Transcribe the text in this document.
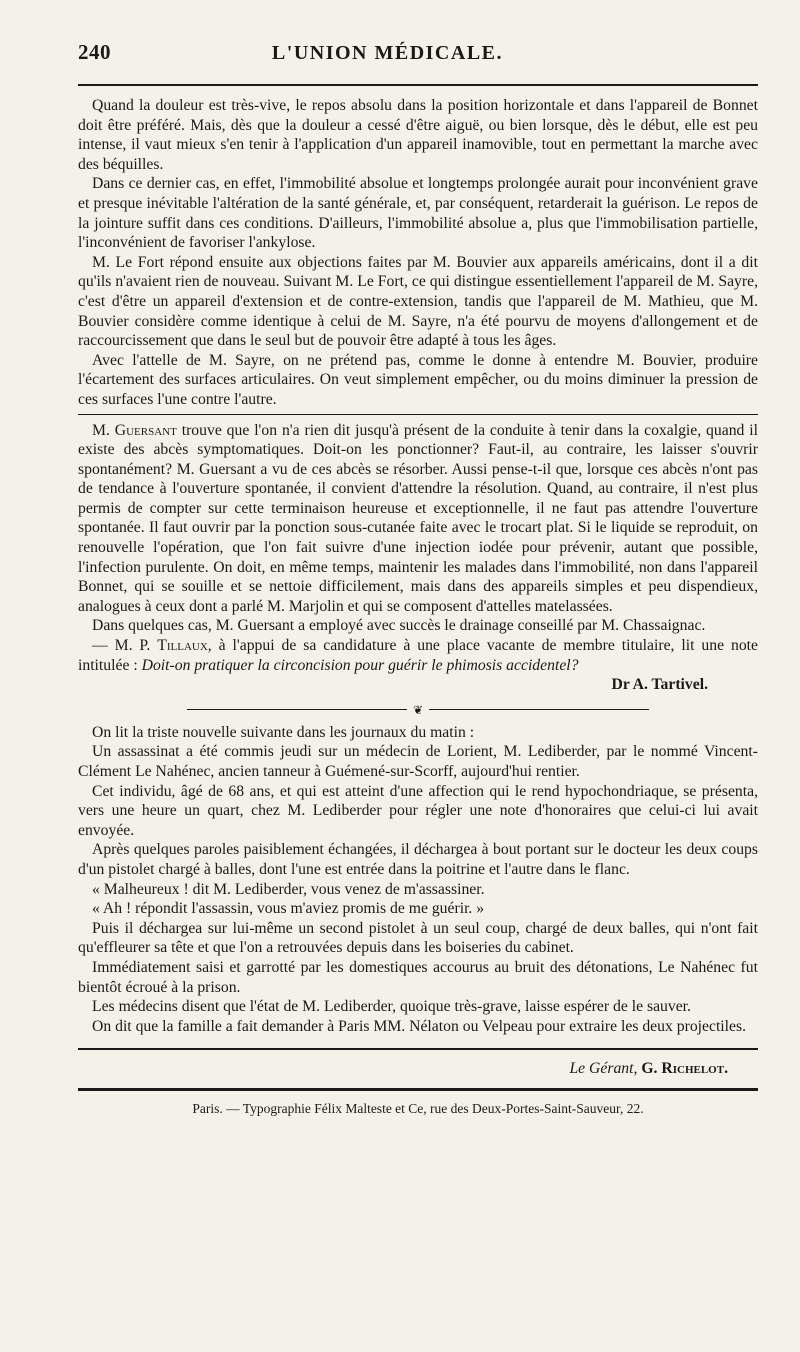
240	L'UNION MÉDICALE.

Quand la douleur est très-vive, le repos absolu dans la position horizontale et dans l'appareil de Bonnet doit être préféré. Mais, dès que la douleur a cessé d'être aiguë, ou bien lorsque, dès le début, elle est peu intense, il vaut mieux s'en tenir à l'application d'un appareil inamovible, tout en permettant la marche avec des béquilles.

Dans ce dernier cas, en effet, l'immobilité absolue et longtemps prolongée aurait pour inconvénient grave et presque inévitable l'altération de la santé générale, et, par conséquent, retarderait la guérison. Le repos de la jointure suffit dans ces conditions. D'ailleurs, l'immobilité absolue a, plus que l'immobilisation partielle, l'inconvénient de favoriser l'ankylose.

M. Le Fort répond ensuite aux objections faites par M. Bouvier aux appareils américains, dont il a dit qu'ils n'avaient rien de nouveau. Suivant M. Le Fort, ce qui distingue essentiellement l'appareil de M. Sayre, c'est d'être un appareil d'extension et de contre-extension, tandis que l'appareil de M. Mathieu, que M. Bouvier considère comme identique à celui de M. Sayre, n'a été pourvu de moyens d'allongement et de raccourcissement que dans le seul but de pouvoir être adapté à tous les âges.

Avec l'attelle de M. Sayre, on ne prétend pas, comme le donne à entendre M. Bouvier, produire l'écartement des surfaces articulaires. On veut simplement empêcher, ou du moins diminuer la pression de ces surfaces l'une contre l'autre.

M. Guersant trouve que l'on n'a rien dit jusqu'à présent de la conduite à tenir dans la coxalgie, quand il existe des abcès symptomatiques. Doit-on les ponctionner? Faut-il, au contraire, les laisser s'ouvrir spontanément? M. Guersant a vu de ces abcès se résorber. Aussi pense-t-il que, lorsque ces abcès n'ont pas de tendance à l'ouverture spontanée, il convient d'attendre la résolution. Quand, au contraire, il n'est plus permis de compter sur cette terminaison heureuse et exceptionnelle, il ne faut pas attendre l'ouverture spontanée. Il faut ouvrir par la ponction sous-cutanée faite avec le trocart plat. Si le liquide se reproduit, on renouvelle l'opération, que l'on fait suivre d'une injection iodée pour prévenir, autant que possible, l'infection purulente. On doit, en même temps, maintenir les malades dans l'immobilité, non dans l'appareil Bonnet, qui se souille et se nettoie difficilement, mais dans des appareils simples et peu dispendieux, analogues à ceux dont a parlé M. Marjolin et qui se composent d'attelles matelassées.

Dans quelques cas, M. Guersant a employé avec succès le drainage conseillé par M. Chassaignac.

— M. P. Tillaux, à l'appui de sa candidature à une place vacante de membre titulaire, lit une note intitulée : Doit-on pratiquer la circoncision pour guérir le phimosis accidentel?

Dr A. Tartivel.
❦

On lit la triste nouvelle suivante dans les journaux du matin :

Un assassinat a été commis jeudi sur un médecin de Lorient, M. Lediberder, par le nommé Vincent-Clément Le Nahénec, ancien tanneur à Guémené-sur-Scorff, aujourd'hui rentier.

Cet individu, âgé de 68 ans, et qui est atteint d'une affection qui le rend hypochondriaque, se présenta, vers une heure un quart, chez M. Lediberder pour régler une note d'honoraires que celui-ci lui avait envoyée.

Après quelques paroles paisiblement échangées, il déchargea à bout portant sur le docteur les deux coups d'un pistolet chargé à balles, dont l'une est entrée dans la poitrine et l'autre dans le flanc.

« Malheureux ! dit M. Lediberder, vous venez de m'assassiner.

« Ah ! répondit l'assassin, vous m'aviez promis de me guérir. »

Puis il déchargea sur lui-même un second pistolet à un seul coup, chargé de deux balles, qui n'ont fait qu'effleurer sa tête et que l'on a retrouvées depuis dans les boiseries du cabinet.

Immédiatement saisi et garrotté par les domestiques accourus au bruit des détonations, Le Nahénec fut bientôt écroué à la prison.

Les médecins disent que l'état de M. Lediberder, quoique très-grave, laisse espérer de le sauver.

On dit que la famille a fait demander à Paris MM. Nélaton ou Velpeau pour extraire les deux projectiles.

Le Gérant, G. Richelot.
Paris. — Typographie Félix Malteste et Ce, rue des Deux-Portes-Saint-Sauveur, 22.
